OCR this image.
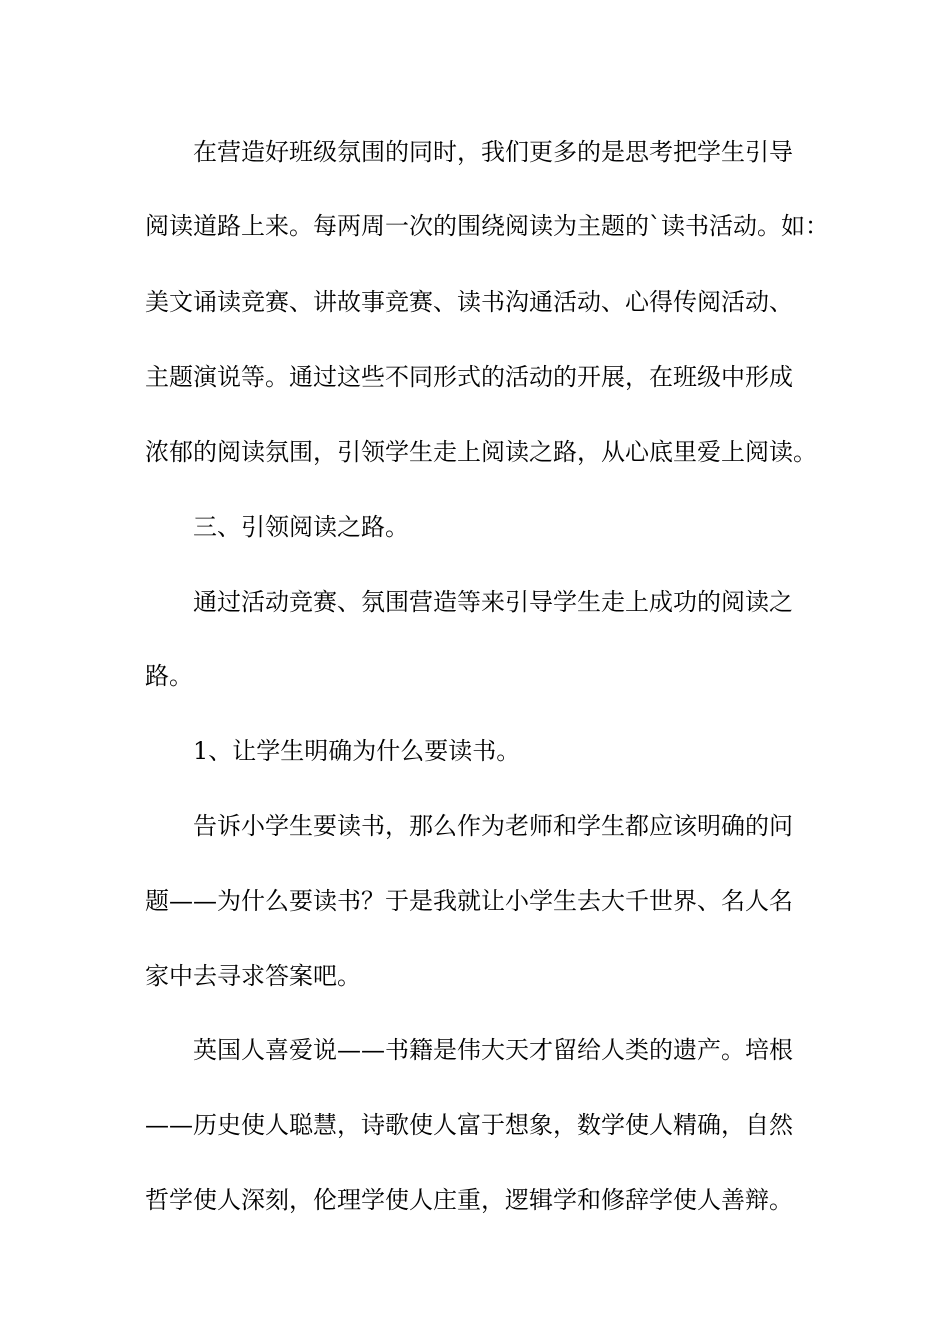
在营造好班级氛围的同时，我们更多的是思考把学生引导
阅读道路上来。每两周一次的围绕阅读为主题的`读书活动。如：
美文诵读竞赛、讲故事竞赛、读书沟通活动、心得传阅活动、
主题演说等。通过这些不同形式的活动的开展，在班级中形成
浓郁的阅读氛围，引领学生走上阅读之路，从心底里爱上阅读。
三、引领阅读之路。
通过活动竞赛、氛围营造等来引导学生走上成功的阅读之
路。
1、让学生明确为什么要读书。
告诉小学生要读书，那么作为老师和学生都应该明确的问
题——为什么要读书？于是我就让小学生去大千世界、名人名
家中去寻求答案吧。
英国人喜爱说——书籍是伟大天才留给人类的遗产。培根
——历史使人聪慧，诗歌使人富于想象，数学使人精确，自然
哲学使人深刻，伦理学使人庄重，逻辑学和修辞学使人善辩。
